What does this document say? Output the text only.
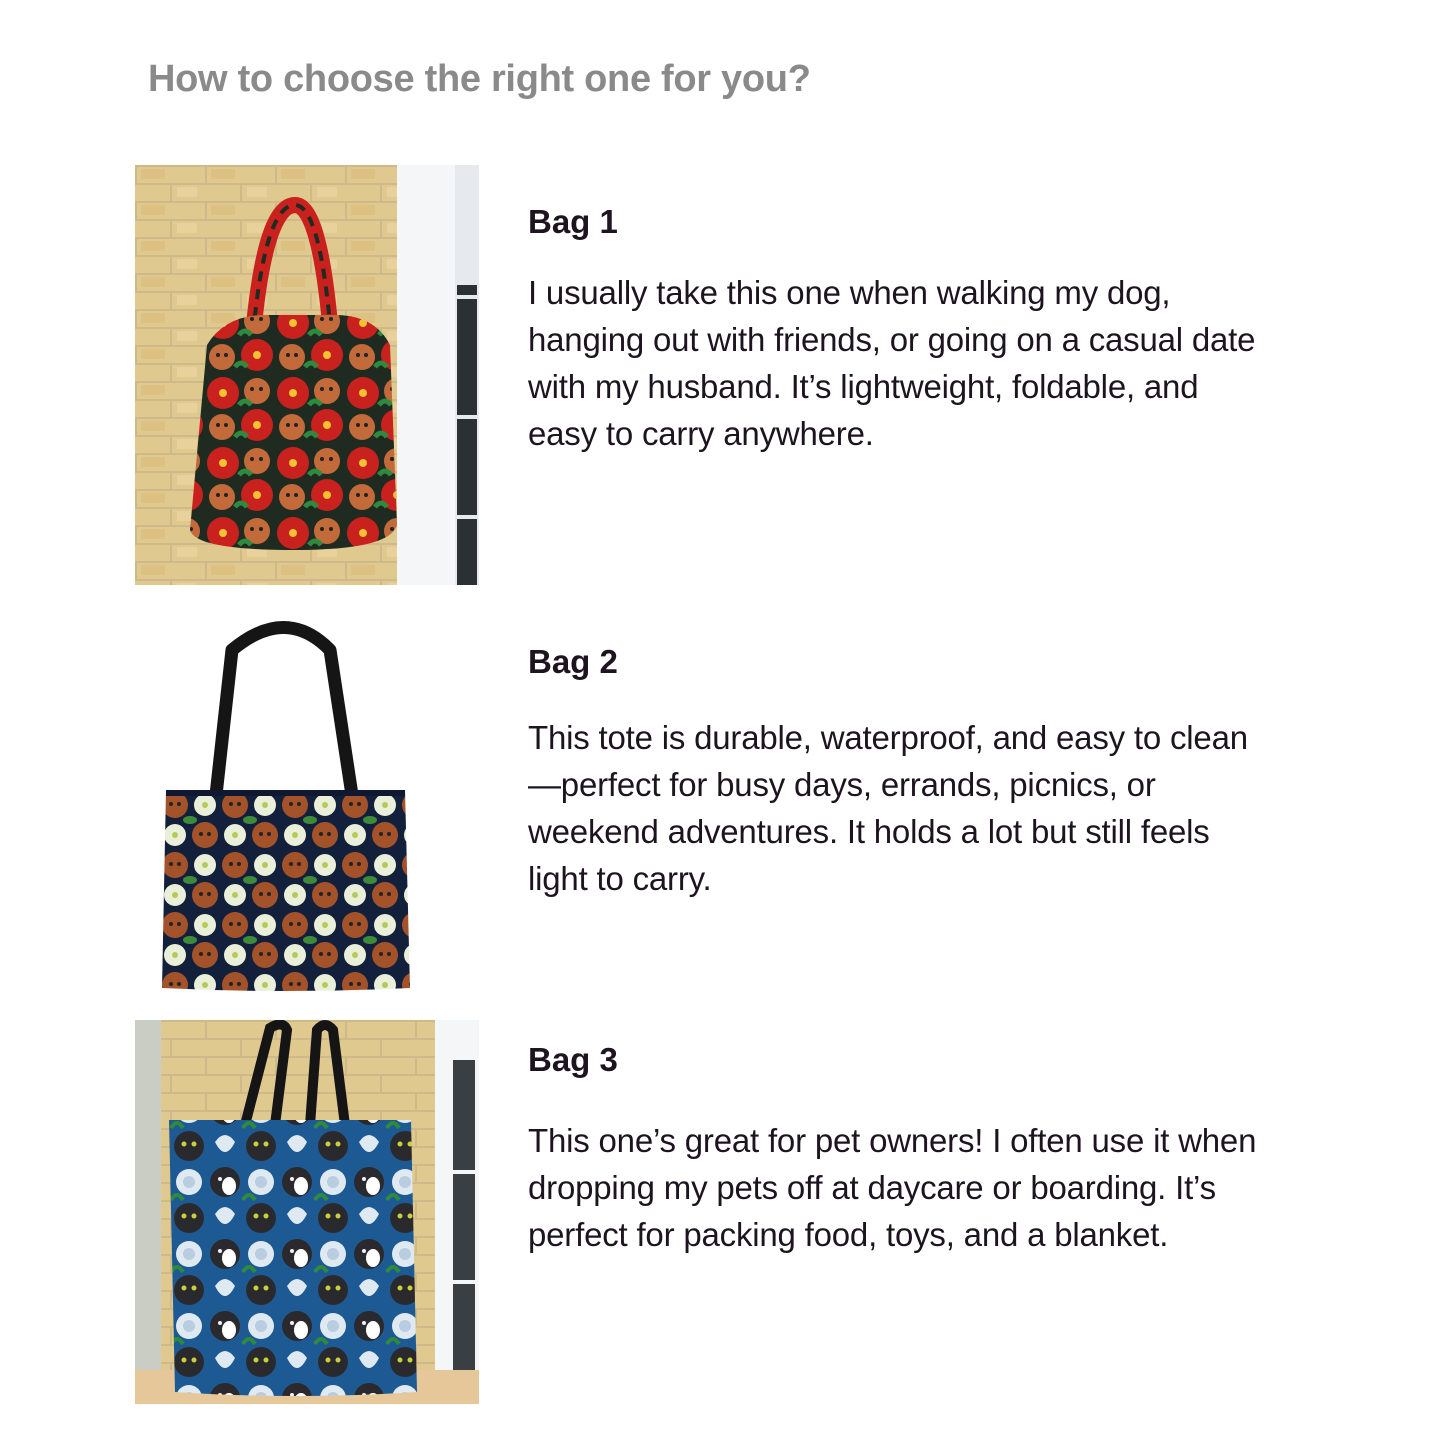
How to choose the right one for you?
Bag 1

I usually take this one when walking my dog, hanging out with friends, or going on a casual date with my husband. It’s lightweight, foldable, and easy to carry anywhere.

Bag 2

This tote is durable, waterproof, and easy to clean—perfect for busy days, errands, picnics, or weekend adventures. It holds a lot but still feels light to carry.

Bag 3

This one’s great for pet owners! I often use it when dropping my pets off at daycare or boarding. It’s perfect for packing food, toys, and a blanket.
